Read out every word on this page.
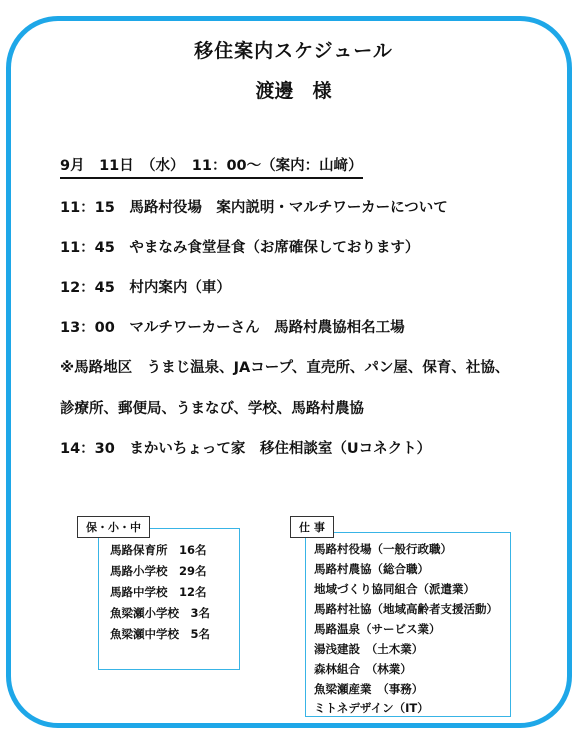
移住案内スケジュール
渡邊　様
9月　11日　（水）　11：00～（案内：山﨑）
11：15　馬路村役場　案内説明・マルチワーカーについて
11：45　やまなみ食堂昼食（お席確保しております）
12：45　村内案内（車）
13：00　マルチワーカーさん　馬路村農協相名工場
※馬路地区　うまじ温泉、JAコープ、直売所、パン屋、保育、社協、
診療所、郵便局、うまなび、学校、馬路村農協
14：30　まかいちょって家　移住相談室（Uコネクト）
保・小・中
馬路保育所　16名
馬路小学校　29名
馬路中学校　12名
魚梁瀬小学校　3名
魚梁瀬中学校　5名
仕 事
馬路村役場（一般行政職）
馬路村農協（総合職）
地域づくり協同組合（派遣業）
馬路村社協（地域高齢者支援活動）
馬路温泉（サービス業）
湯浅建設　（土木業）
森林組合　（林業）
魚梁瀬産業　（事務）
ミトネデザイン（IT）
